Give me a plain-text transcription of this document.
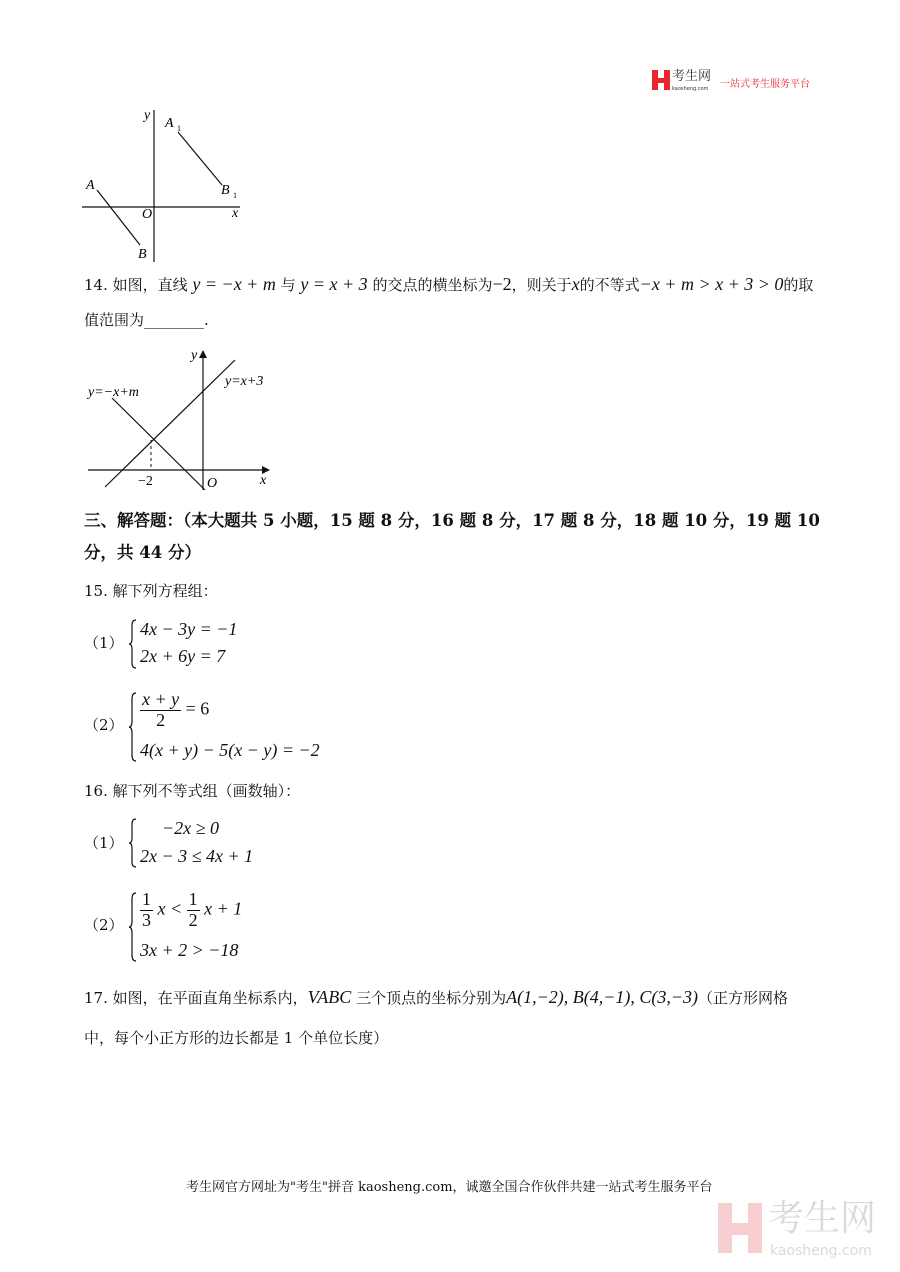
考生网
kaosheng.com 一站式考生服务平台
y
x
O
A
B
A 1
B 1
14. 如图，直线 y = −x + m 与 y = x + 3 的交点的横坐标为−2，则关于x的不等式−x + m > x + 3 > 0的取
值范围为________.
y
x
O
−2
y=−x+m
y=x+3
三、解答题：（本大题共 5 小题，15 题 8 分，16 题 8 分，17 题 8 分，18 题 10 分，19 题 10
分，共 44 分）
15. 解下列方程组：
（1）
4x − 3y = −1
2x + 6y = 7
$(2) \frac{x + y}{2} = 6$
4(x + y) − 5(x − y) = −2
16. 解下列不等式组（画数轴）：
（1）
−2x ≥ 0
2x − 3 ≤ 4x + 1
$(2) \frac{1}{3}$ $x < \frac{1}{2}$ x + 1
3x + 2 > −18
17. 如图，在平面直角坐标系内，VABC 三个顶点的坐标分别为A(1,−2), B(4,−1), C(3,−3)（正方形网格
中，每个小正方形的边长都是 1 个单位长度）
考生网官方网址为"考生"拼音 kaosheng.com，诚邀全国合作伙伴共建一站式考生服务平台
考生网
kaosheng.com
